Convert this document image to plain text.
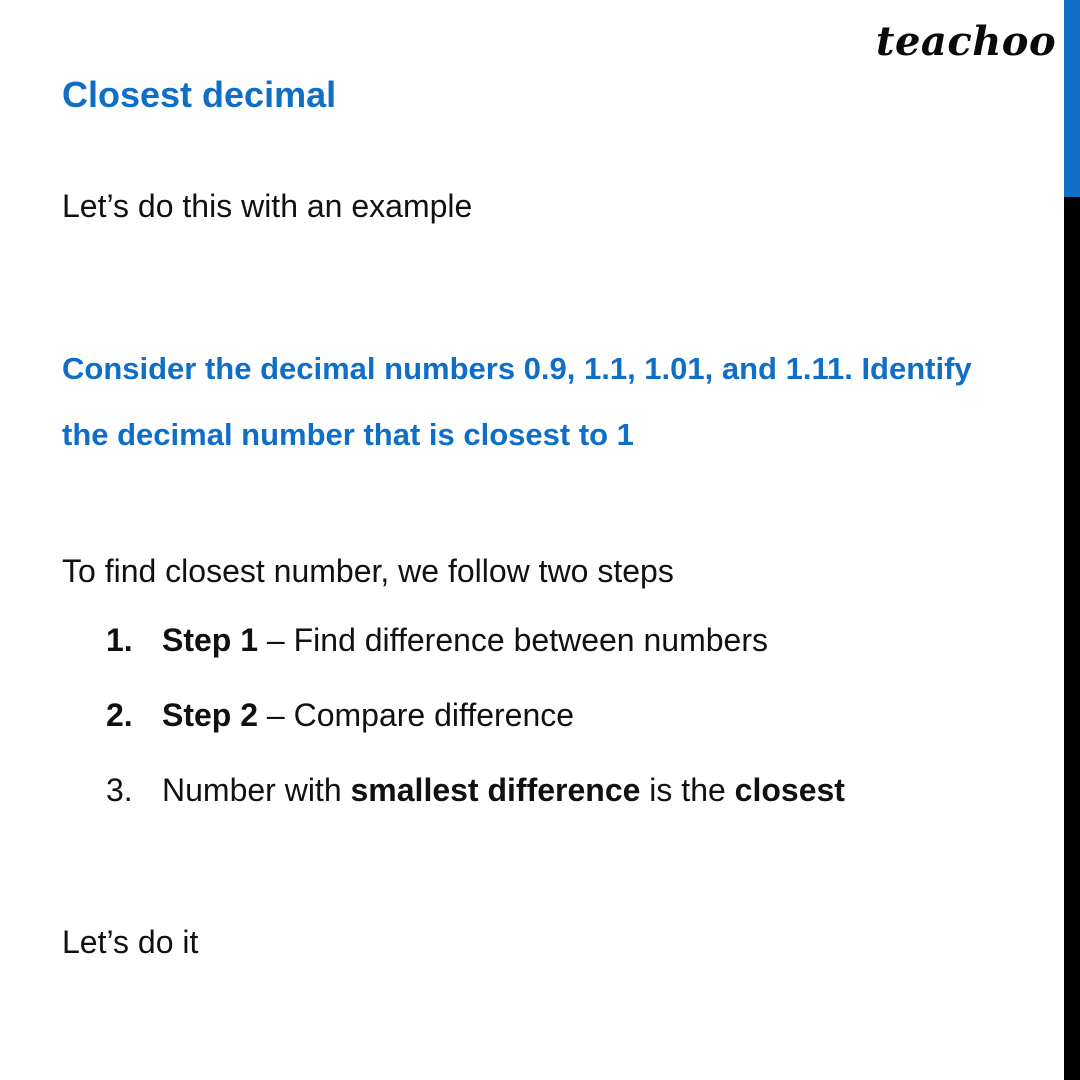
teachoo
Closest decimal
Let’s do this with an example
Consider the decimal numbers 0.9, 1.1, 1.01, and 1.11. Identify
the decimal number that is closest to 1
To find closest number, we follow two steps
1. Step 1 – Find difference between numbers
2. Step 2 – Compare difference
3. Number with smallest difference is the closest
Let’s do it
